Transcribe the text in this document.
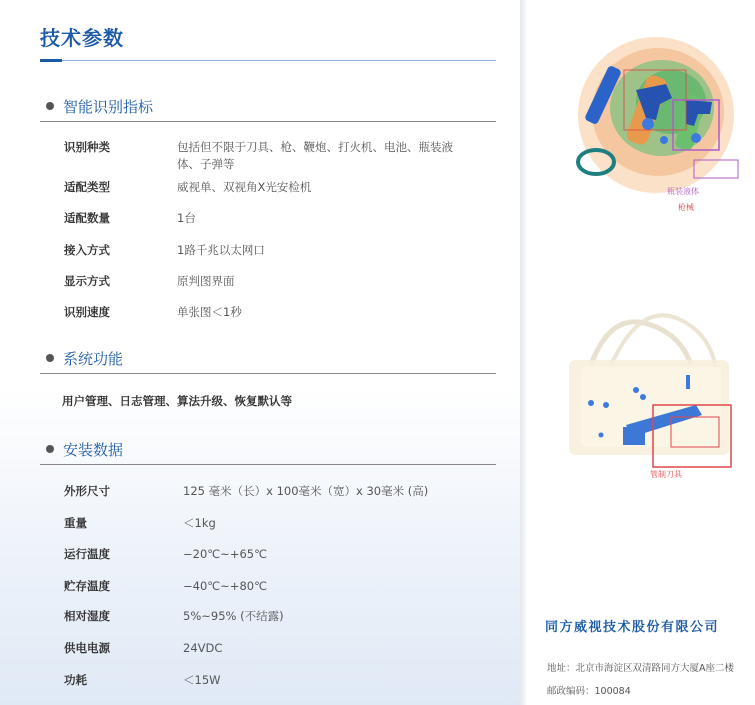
技术参数
智能识别指标
识别种类	包括但不限于刀具、枪、鞭炮、打火机、电池、瓶装液
体、子弹等
适配类型	威视单、双视角X光安检机
适配数量	1台
接入方式	1路千兆以太网口
显示方式	原判图界面
识别速度	单张图＜1秒
系统功能
用户管理、日志管理、算法升级、恢复默认等
安装数据
外形尺寸	125 毫米（长）x 100毫米（宽）x 30毫米 (高)
重量	＜1kg
运行温度	−20℃~+65℃
贮存温度	−40℃~+80℃
相对湿度	5%~95% (不结露)
供电电源	24VDC
功耗	＜15W
瓶装液体
枪械
管制刀具
同方威视技术股份有限公司
地址：北京市海淀区双清路同方大厦A座二楼
邮政编码：100084
